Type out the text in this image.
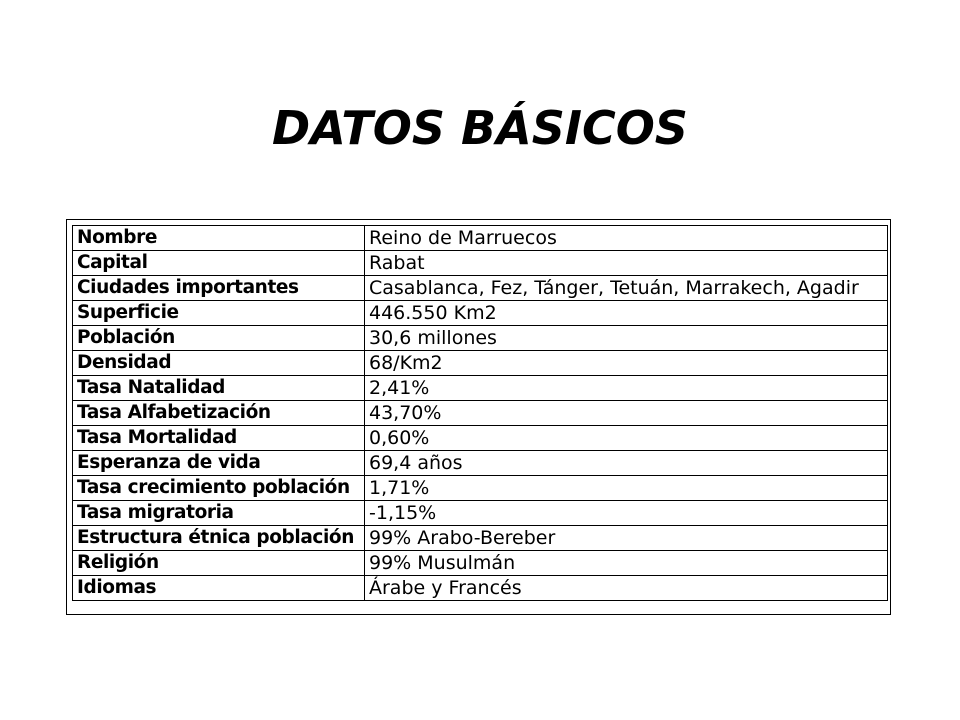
DATOS BÁSICOS
Nombre	Reino de Marruecos
Capital	Rabat
Ciudades importantes	Casablanca, Fez, Tánger, Tetuán, Marrakech, Agadir
Superficie	446.550 Km2
Población	30,6 millones
Densidad	68/Km2
Tasa Natalidad	2,41%
Tasa Alfabetización	43,70%
Tasa Mortalidad	0,60%
Esperanza de vida	69,4 años
Tasa crecimiento población	1,71%
Tasa migratoria	-1,15%
Estructura étnica población	99% Arabo-Bereber
Religión	99% Musulmán
Idiomas	Árabe y Francés
